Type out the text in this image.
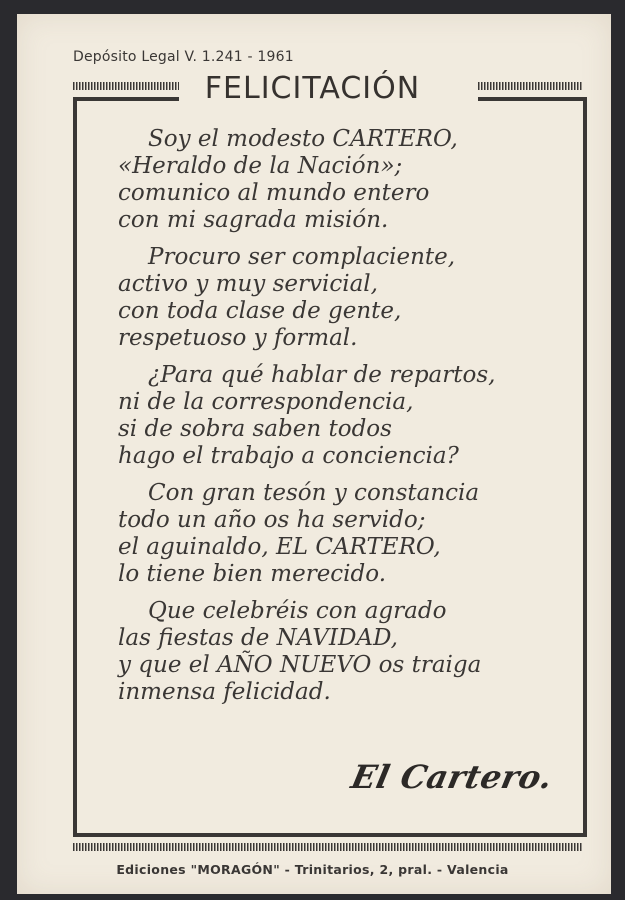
Depósito Legal V. 1.241 - 1961
FELICITACIÓN
Soy el modesto CARTERO,
«Heraldo de la Nación»;
comunico al mundo entero
con mi sagrada misión.
Procuro ser complaciente,
activo y muy servicial,
con toda clase de gente,
respetuoso y formal.
¿Para qué hablar de repartos,
ni de la correspondencia,
si de sobra saben todos
hago el trabajo a conciencia?
Con gran tesón y constancia
todo un año os ha servido;
el aguinaldo, EL CARTERO,
lo tiene bien merecido.
Que celebréis con agrado
las fiestas de NAVIDAD,
y que el AÑO NUEVO os traiga
inmensa felicidad.
El Cartero.
Ediciones "MORAGÓN" - Trinitarios, 2, pral. - Valencia
